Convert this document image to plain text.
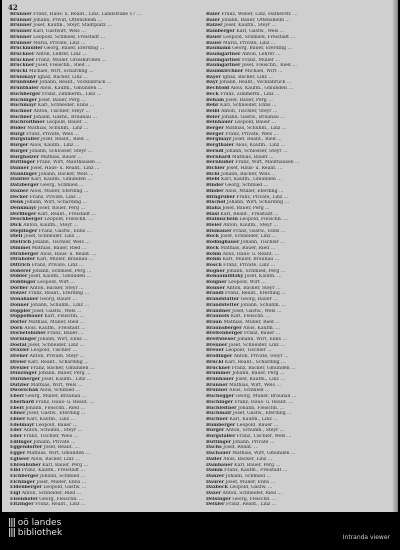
42
Brunner Franz, Haus- u. Realit., Linz, Landstraße 17 …
Brunner Johann, Privat, Ottensheim …
Brunner Josef, Kaufm., Steyr, Stadtplatz …
Brunner Karl, Gastwirt, Wels …
Brunner Leopold, Schmied, Freistadt …
Brunner Maria, Private, Linz …
Bruckmüller Georg, Bauer, Eferding …
Bruckner Anton, Lehrer, Linz …
Bruckner Franz, Müller, Grieskirchen …
Bruckner Josef, Fleischh., Ried …
Brückl Michael, Wirt, Schärding …
Brunmayr Ignaz, Bäcker, Linz …
Brunhuber Johann, Realit., Vöcklabruck …
Brunthaler Alois, Kaufm., Gmunden …
Buchberger Franz, Zimmerm., Linz …
Buchinger Josef, Bauer, Perg …
Buchmayr Karl, Schneider, Enns …
Buchner Anton, Tischler, Steyr …
Buchner Johann, Gastw., Braunau …
Buchroithner Leopold, Bauer …
Buder Mathias, Schuhm., Linz …
Bürgl Franz, Private, Wels …
Burgstaller Josef, Realit., Ried …
Burger Alois, Kaufm., Linz …
Burger Johann, Schlosser, Steyr …
Burgholzer Mathias, Bauer …
Buttinger Franz, Wirt, Mauthausen …
Danner Josef, Haus- u. Realit., Linz …
Danninger Johann, Bäcker, Wels …
Dantler Karl, Kaufm., Gmunden …
Datzberger Georg, Schmied …
Daxner Alois, Müller, Eferding …
Decker Franz, Private, Linz …
Denk Johann, Wirt, Schärding …
Denkmayr Josef, Bauer, Perg …
Derflinger Karl, Realit., Freistadt …
Deschberger Leopold, Fleischh. …
Dick Anton, Kaufm., Steyr …
Dieplinger Franz, Gastw., Enns …
Dietl Josef, Schneider, Linz …
Dietrich Johann, Tischler, Wels …
Dimmel Mathias, Bauer, Ried …
Dirnberger Alois, Haus- u. Realit. …
Dirnhofer Karl, Müller, Braunau …
Dittrich Franz, Private, Linz …
Doberer Johann, Schmied, Perg …
Dobler Josef, Kaufm., Gmunden …
Doblinger Leopold, Wirt …
Dörfler Anton, Bäcker, Steyr …
Dolzer Franz, Realit., Eferding …
Donabauer Georg, Bauer …
Donner Johann, Schuhm., Linz …
Doppler Josef, Gastw., Wels …
Doppelbauer Karl, Fleischh. …
Dorfer Mathias, Müller, Ried …
Dorn Alois, Kaufm., Freistadt …
Dornetshuber Franz, Bauer …
Dorninger Johann, Wirt, Enns …
Dostal Josef, Schneider, Linz …
Draxler Leopold, Tischler …
Dreher Anton, Private, Steyr …
Dreier Karl, Realit., Schärding …
Drexler Franz, Bäcker, Gmunden …
Dunzinger Johann, Bauer, Perg …
Dürnberger Josef, Kaufm., Linz …
Dutzler Mathias, Wirt, Wels …
Dworschak Alois, Schmied …
Eberl Georg, Müller, Braunau …
Eberhard Franz, Haus- u. Realit. …
Eberl Johann, Fleischh., Ried …
Ebner Josef, Gastw., Eferding …
Ebner Karl, Kaufm., Linz …
Edelmayr Leopold, Bauer …
Eder Anton, Schuhm., Steyr …
Eder Franz, Tischler, Wels …
Edlinger Johann, Private …
Eggendorfer Josef, Realit. …
Egger Mathias, Wirt, Gmunden …
Eglseer Alois, Bäcker, Linz …
Ehrenhuber Karl, Bauer, Perg …
Eibl Franz, Kaufm., Freistadt …
Eichberger Johann, Schmied …
Eichinger Josef, Müller, Enns …
Eidenberger Leopold, Gastw. …
Eigl Anton, Schneider, Ried …
Eisenhofer Georg, Fleischh. …
Eitzinger Franz, Realit., Linz …
Baler Franz, Weber, Linz, Hafnerstr. …
Baler Johann, Bauer, Ottensheim …
Balzer Josef, Kaufm., Steyr …
Bamberger Karl, Gastw., Wels …
Bauer Leopold, Schmied, Freistadt …
Bauer Maria, Private, Linz …
Baumann Georg, Bauer, Eferding …
Baumgartner Anton, Lehrer …
Baumgartner Franz, Müller …
Baumgartner Josef, Fleischh., Ried …
Baumkirchner Michael, Wirt …
Bayer Ignaz, Bäcker, Linz …
Bayr Johann, Realit., Vöcklabruck …
Bechtold Alois, Kaufm., Gmunden …
Beck Franz, Zimmerm., Linz …
Beham Josef, Bauer, Perg …
Behr Karl, Schneider, Enns …
Beibl Anton, Tischler, Steyr …
Beier Johann, Gastw., Braunau …
Beinhauer Leopold, Bauer …
Berger Mathias, Schuhm., Linz …
Berger Franz, Private, Wels …
Bergmayr Josef, Realit., Ried …
Bergthaler Alois, Kaufm., Linz …
Berndl Johann, Schlosser, Steyr …
Bernhard Mathias, Bauer …
Bernhuber Franz, Wirt, Mauthausen …
Bichler Josef, Haus- u. Realit. …
Bichl Johann, Bäcker, Wels …
Biebl Karl, Kaufm., Gmunden …
Binder Georg, Schmied …
Binder Alois, Müller, Eferding …
Birngruber Franz, Private, Linz …
Bischof Johann, Wirt, Schärding …
Blaha Josef, Bauer, Perg …
Blasl Karl, Realit., Freistadt …
Blaimschein Leopold, Fleischh. …
Bleier Anton, Kaufm., Steyr …
Blumauer Franz, Gastw., Enns …
Bock Josef, Schneider, Linz …
Bodingbauer Johann, Tischler …
Böck Mathias, Bauer, Ried …
Böhm Alois, Haus- u. Realit. …
Böhm Karl, Müller, Braunau …
Bösch Franz, Private, Linz …
Bogner Johann, Schmied, Perg …
Bohaumilitzky Josef, Kaufm. …
Boigner Leopold, Wirt …
Bonner Anton, Bäcker, Steyr …
Brandl Franz, Realit., Eferding …
Brandstätter Georg, Bauer …
Brandstetter Johann, Schuhm. …
Brandner Josef, Gastw., Wels …
Brauneis Karl, Fleischh. …
Braun Mathias, Müller, Ried …
Braunsberger Alois, Kaufm. …
Breitenberger Franz, Bauer …
Breitwieser Johann, Wirt, Enns …
Brenner Josef, Schneider, Linz …
Breuer Leopold, Tischler …
Brodinger Anton, Private, Steyr …
Brückl Karl, Realit., Schärding …
Brückner Franz, Bäcker, Gmunden …
Brummer Johann, Bauer, Perg …
Brunbauer Josef, Kaufm., Linz …
Brunner Mathias, Wirt, Wels …
Brunner Alois, Schmied …
Buchegger Georg, Müller, Braunau …
Buchinger Franz, Haus- u. Realit. …
Buchleitner Johann, Fleischh. …
Buchmair Josef, Gastw., Eferding …
Buchner Karl, Kaufm., Linz …
Bumberger Leopold, Bauer …
Burger Anton, Schuhm., Steyr …
Burgstaller Franz, Tischler, Wels …
Buttinger Johann, Private …
Dachs Josef, Realit. …
Dachauer Mathias, Wirt, Gmunden …
Daller Alois, Bäcker, Linz …
Dambauer Karl, Bauer, Perg …
Damm Franz, Kaufm., Freistadt …
Danzer Johann, Schmied …
Daurer Josef, Müller, Enns …
Daxböck Leopold, Gastw. …
Daxer Anton, Schneider, Ried …
Deisinger Georg, Fleischh. …
Deixler Franz, Realit., Linz …
||| oö landes
||| bibliothek	Intranda viewer
